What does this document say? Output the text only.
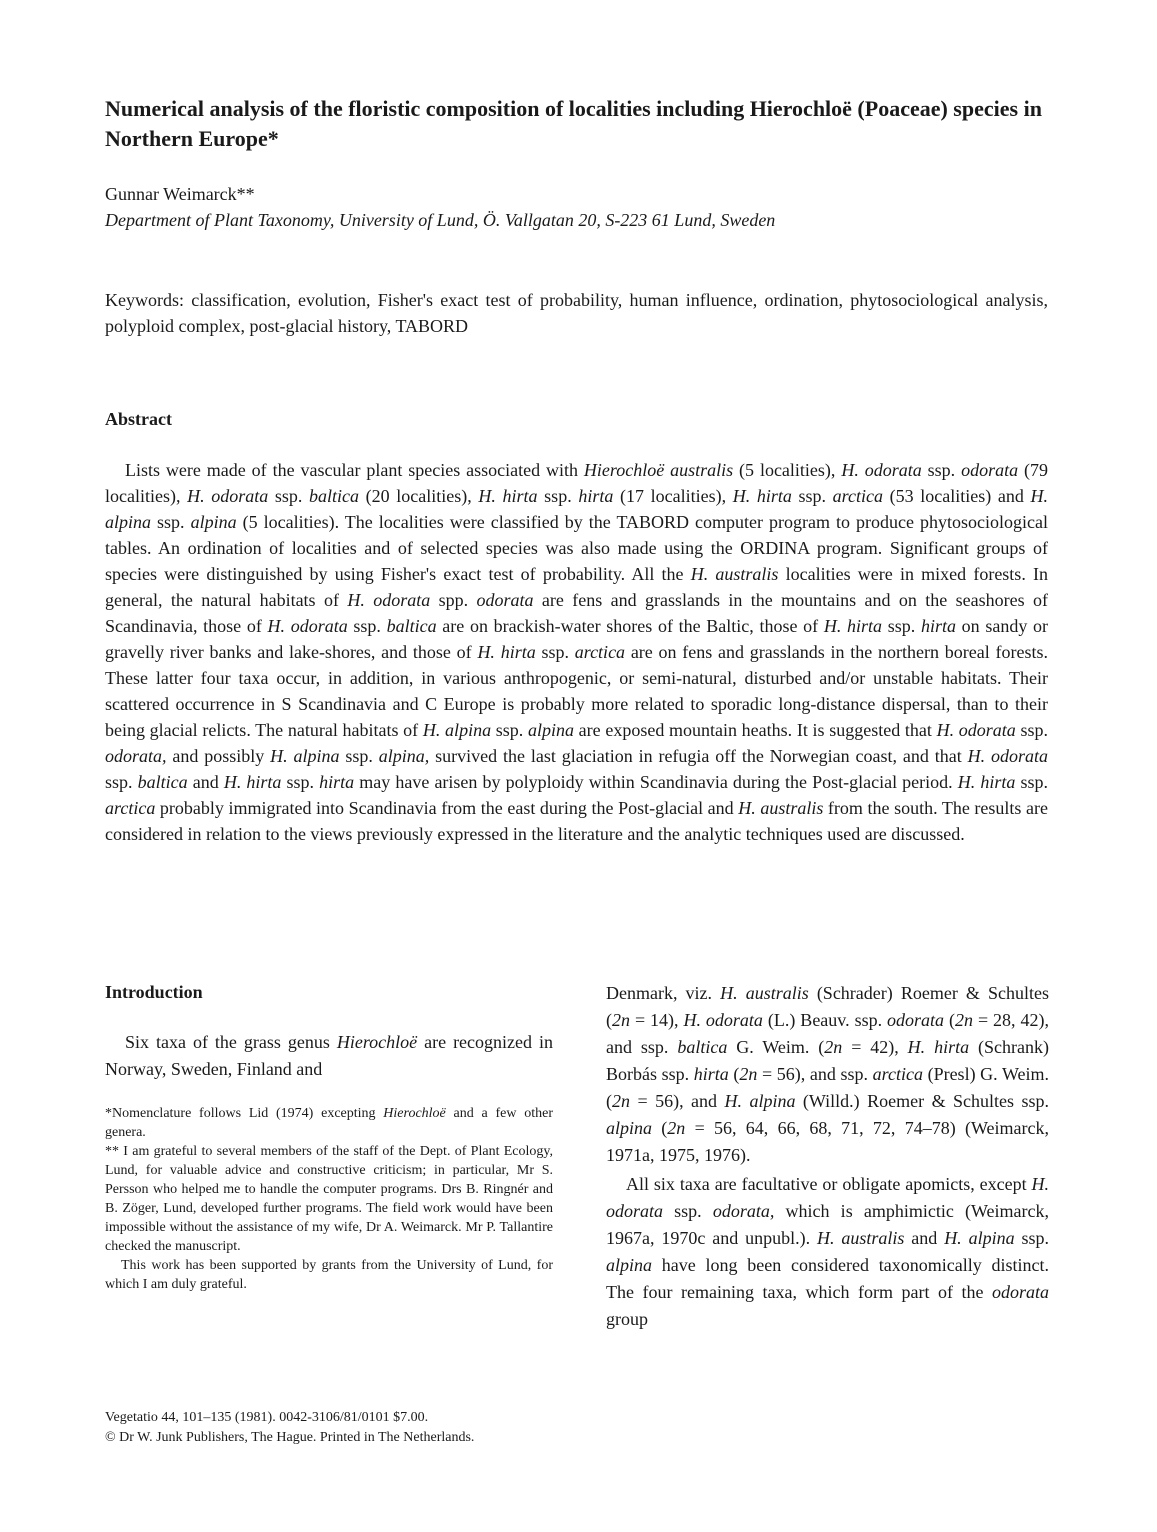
Numerical analysis of the floristic composition of localities including Hierochloë (Poaceae) species in Northern Europe*
Gunnar Weimarck**
Department of Plant Taxonomy, University of Lund, Ö. Vallgatan 20, S-223 61 Lund, Sweden
Keywords: classification, evolution, Fisher's exact test of probability, human influence, ordination, phytosociological analysis, polyploid complex, post-glacial history, TABORD
Abstract

Lists were made of the vascular plant species associated with Hierochloë australis (5 localities), H. odorata ssp. odorata (79 localities), H. odorata ssp. baltica (20 localities), H. hirta ssp. hirta (17 localities), H. hirta ssp. arctica (53 localities) and H. alpina ssp. alpina (5 localities). The localities were classified by the TABORD computer program to produce phytosociological tables. An ordination of localities and of selected species was also made using the ORDINA program. Significant groups of species were distinguished by using Fisher's exact test of probability. All the H. australis localities were in mixed forests. In general, the natural habitats of H. odorata spp. odorata are fens and grasslands in the mountains and on the seashores of Scandinavia, those of H. odorata ssp. baltica are on brackish-water shores of the Baltic, those of H. hirta ssp. hirta on sandy or gravelly river banks and lake-shores, and those of H. hirta ssp. arctica are on fens and grasslands in the northern boreal forests. These latter four taxa occur, in addition, in various anthropogenic, or semi-natural, disturbed and/or unstable habitats. Their scattered occurrence in S Scandinavia and C Europe is probably more related to sporadic long-distance dispersal, than to their being glacial relicts. The natural habitats of H. alpina ssp. alpina are exposed mountain heaths. It is suggested that H. odorata ssp. odorata, and possibly H. alpina ssp. alpina, survived the last glaciation in refugia off the Norwegian coast, and that H. odorata ssp. baltica and H. hirta ssp. hirta may have arisen by polyploidy within Scandinavia during the Post-glacial period. H. hirta ssp. arctica probably immigrated into Scandinavia from the east during the Post-glacial and H. australis from the south. The results are considered in relation to the views previously expressed in the literature and the analytic techniques used are discussed.

Introduction

Six taxa of the grass genus Hierochloë are recognized in Norway, Sweden, Finland and

*Nomenclature follows Lid (1974) excepting Hierochloë and a few other genera.

** I am grateful to several members of the staff of the Dept. of Plant Ecology, Lund, for valuable advice and constructive criticism; in particular, Mr S. Persson who helped me to handle the computer programs. Drs B. Ringnér and B. Zöger, Lund, developed further programs. The field work would have been impossible without the assistance of my wife, Dr A. Weimarck. Mr P. Tallantire checked the manuscript.

This work has been supported by grants from the University of Lund, for which I am duly grateful.

Vegetatio 44, 101–135 (1981). 0042-3106/81/0101 $7.00.
© Dr W. Junk Publishers, The Hague. Printed in The Netherlands.

Denmark, viz. H. australis (Schrader) Roemer & Schultes (2n = 14), H. odorata (L.) Beauv. ssp. odorata (2n = 28, 42), and ssp. baltica G. Weim. (2n = 42), H. hirta (Schrank) Borbás ssp. hirta (2n = 56), and ssp. arctica (Presl) G. Weim. (2n = 56), and H. alpina (Willd.) Roemer & Schultes ssp. alpina (2n = 56, 64, 66, 68, 71, 72, 74–78) (Weimarck, 1971a, 1975, 1976).

All six taxa are facultative or obligate apomicts, except H. odorata ssp. odorata, which is amphimictic (Weimarck, 1967a, 1970c and unpubl.). H. australis and H. alpina ssp. alpina have long been considered taxonomically distinct. The four remaining taxa, which form part of the odorata group
